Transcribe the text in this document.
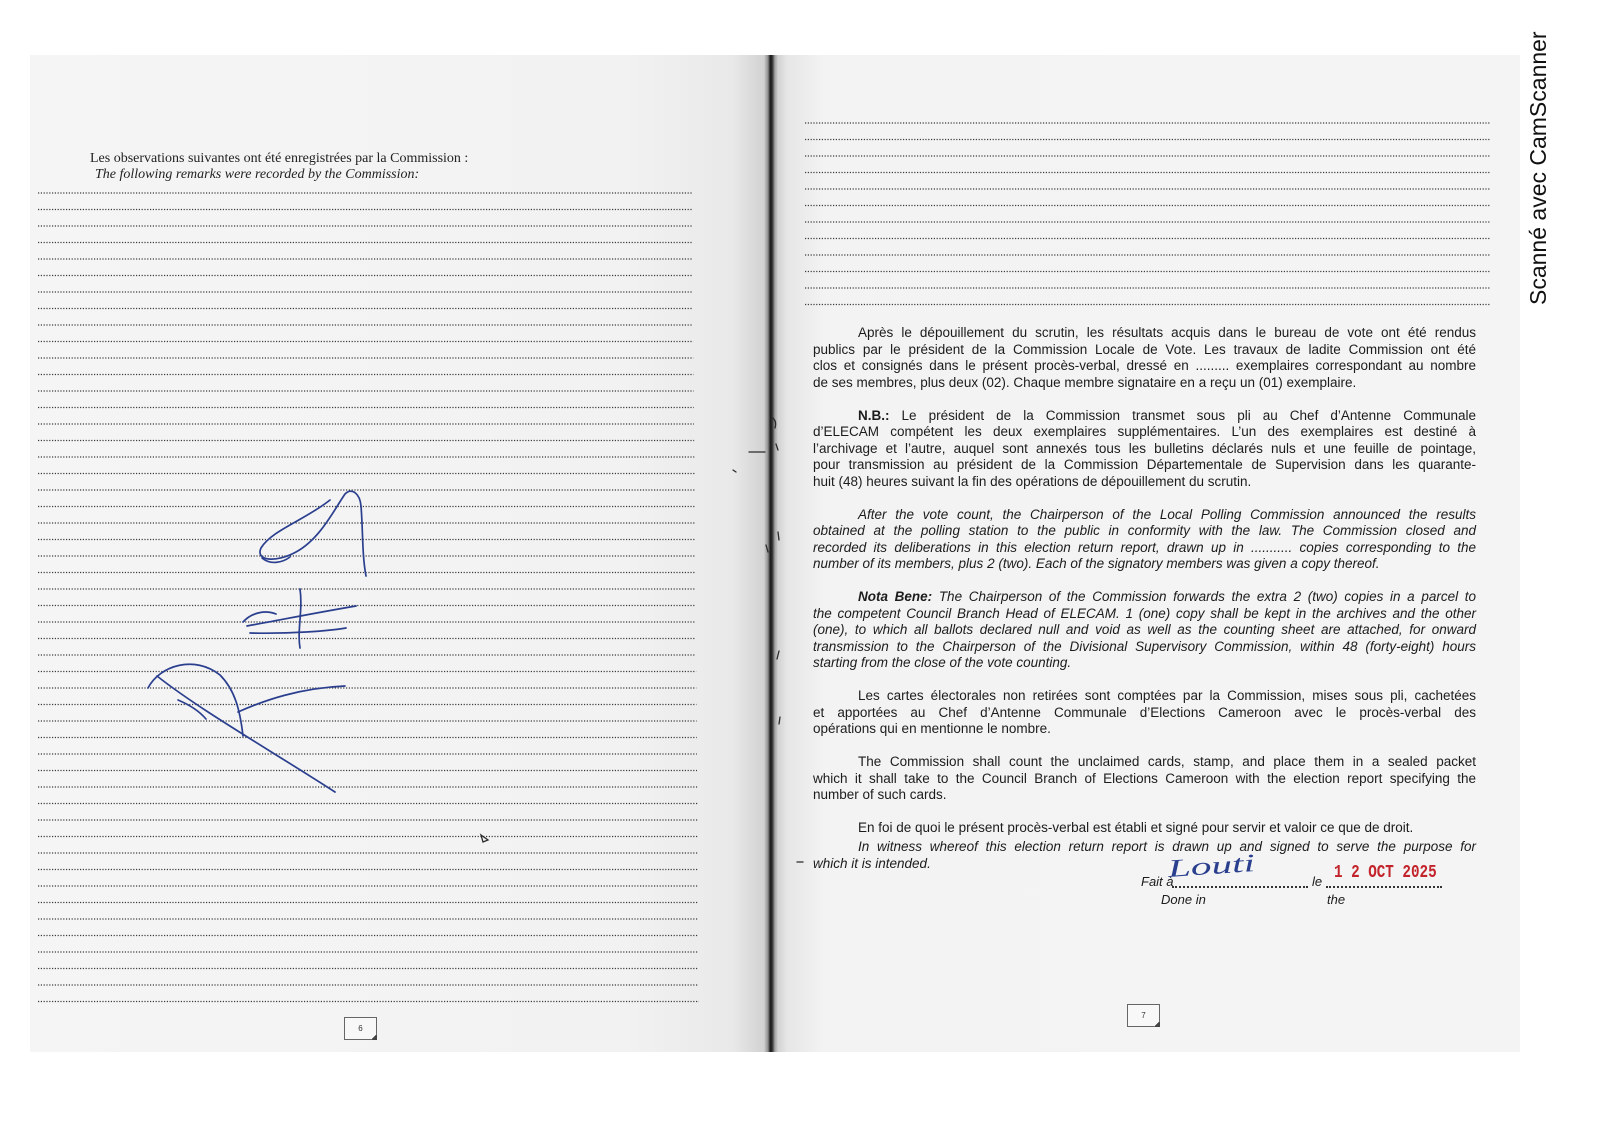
Les observations suivantes ont été enregistrées par la Commission :
The following remarks were recorded by the Commission:
6
Après le dépouillement du scrutin, les résultats acquis dans le bureau de vote ont été rendus
publics par le président de la Commission Locale de Vote. Les travaux de ladite Commission ont été
clos et consignés dans le présent procès-verbal, dressé en ......... exemplaires correspondant au nombre
de ses membres, plus deux (02). Chaque membre signataire en a reçu un (01) exemplaire.
N.B.: Le président de la Commission transmet sous pli au Chef d’Antenne Communale
d’ELECAM compétent les deux exemplaires supplémentaires. L’un des exemplaires est destiné à
l’archivage et l’autre, auquel sont annexés tous les bulletins déclarés nuls et une feuille de pointage,
pour transmission au président de la Commission Départementale de Supervision dans les quarante-
huit (48) heures suivant la fin des opérations de dépouillement du scrutin.
After the vote count, the Chairperson of the Local Polling Commission announced the results
obtained at the polling station to the public in conformity with the law. The Commission closed and
recorded its deliberations in this election return report, drawn up in ........... copies corresponding to the
number of its members, plus 2 (two). Each of the signatory members was given a copy thereof.
Nota Bene: The Chairperson of the Commission forwards the extra 2 (two) copies in a parcel to
the competent Council Branch Head of ELECAM. 1 (one) copy shall be kept in the archives and the other
(one), to which all ballots declared null and void as well as the counting sheet are attached, for onward
transmission to the Chairperson of the Divisional Supervisory Commission, within 48 (forty-eight) hours
starting from the close of the vote counting.
Les cartes électorales non retirées sont comptées par la Commission, mises sous pli, cachetées
et apportées au Chef d’Antenne Communale d’Elections Cameroon avec le procès-verbal des
opérations qui en mentionne le nombre.
The Commission shall count the unclaimed cards, stamp, and place them in a sealed packet
which it shall take to the Council Branch of Elections Cameroon with the election report specifying the
number of such cards.
En foi de quoi le présent procès-verbal est établi et signé pour servir et valoir ce que de droit.
In witness whereof this election return report is drawn up and signed to serve the purpose for
which it is intended.
Fait à
Louti	le 1 2 OCT 2025
Done in	the
7
Scanné avec CamScanner
